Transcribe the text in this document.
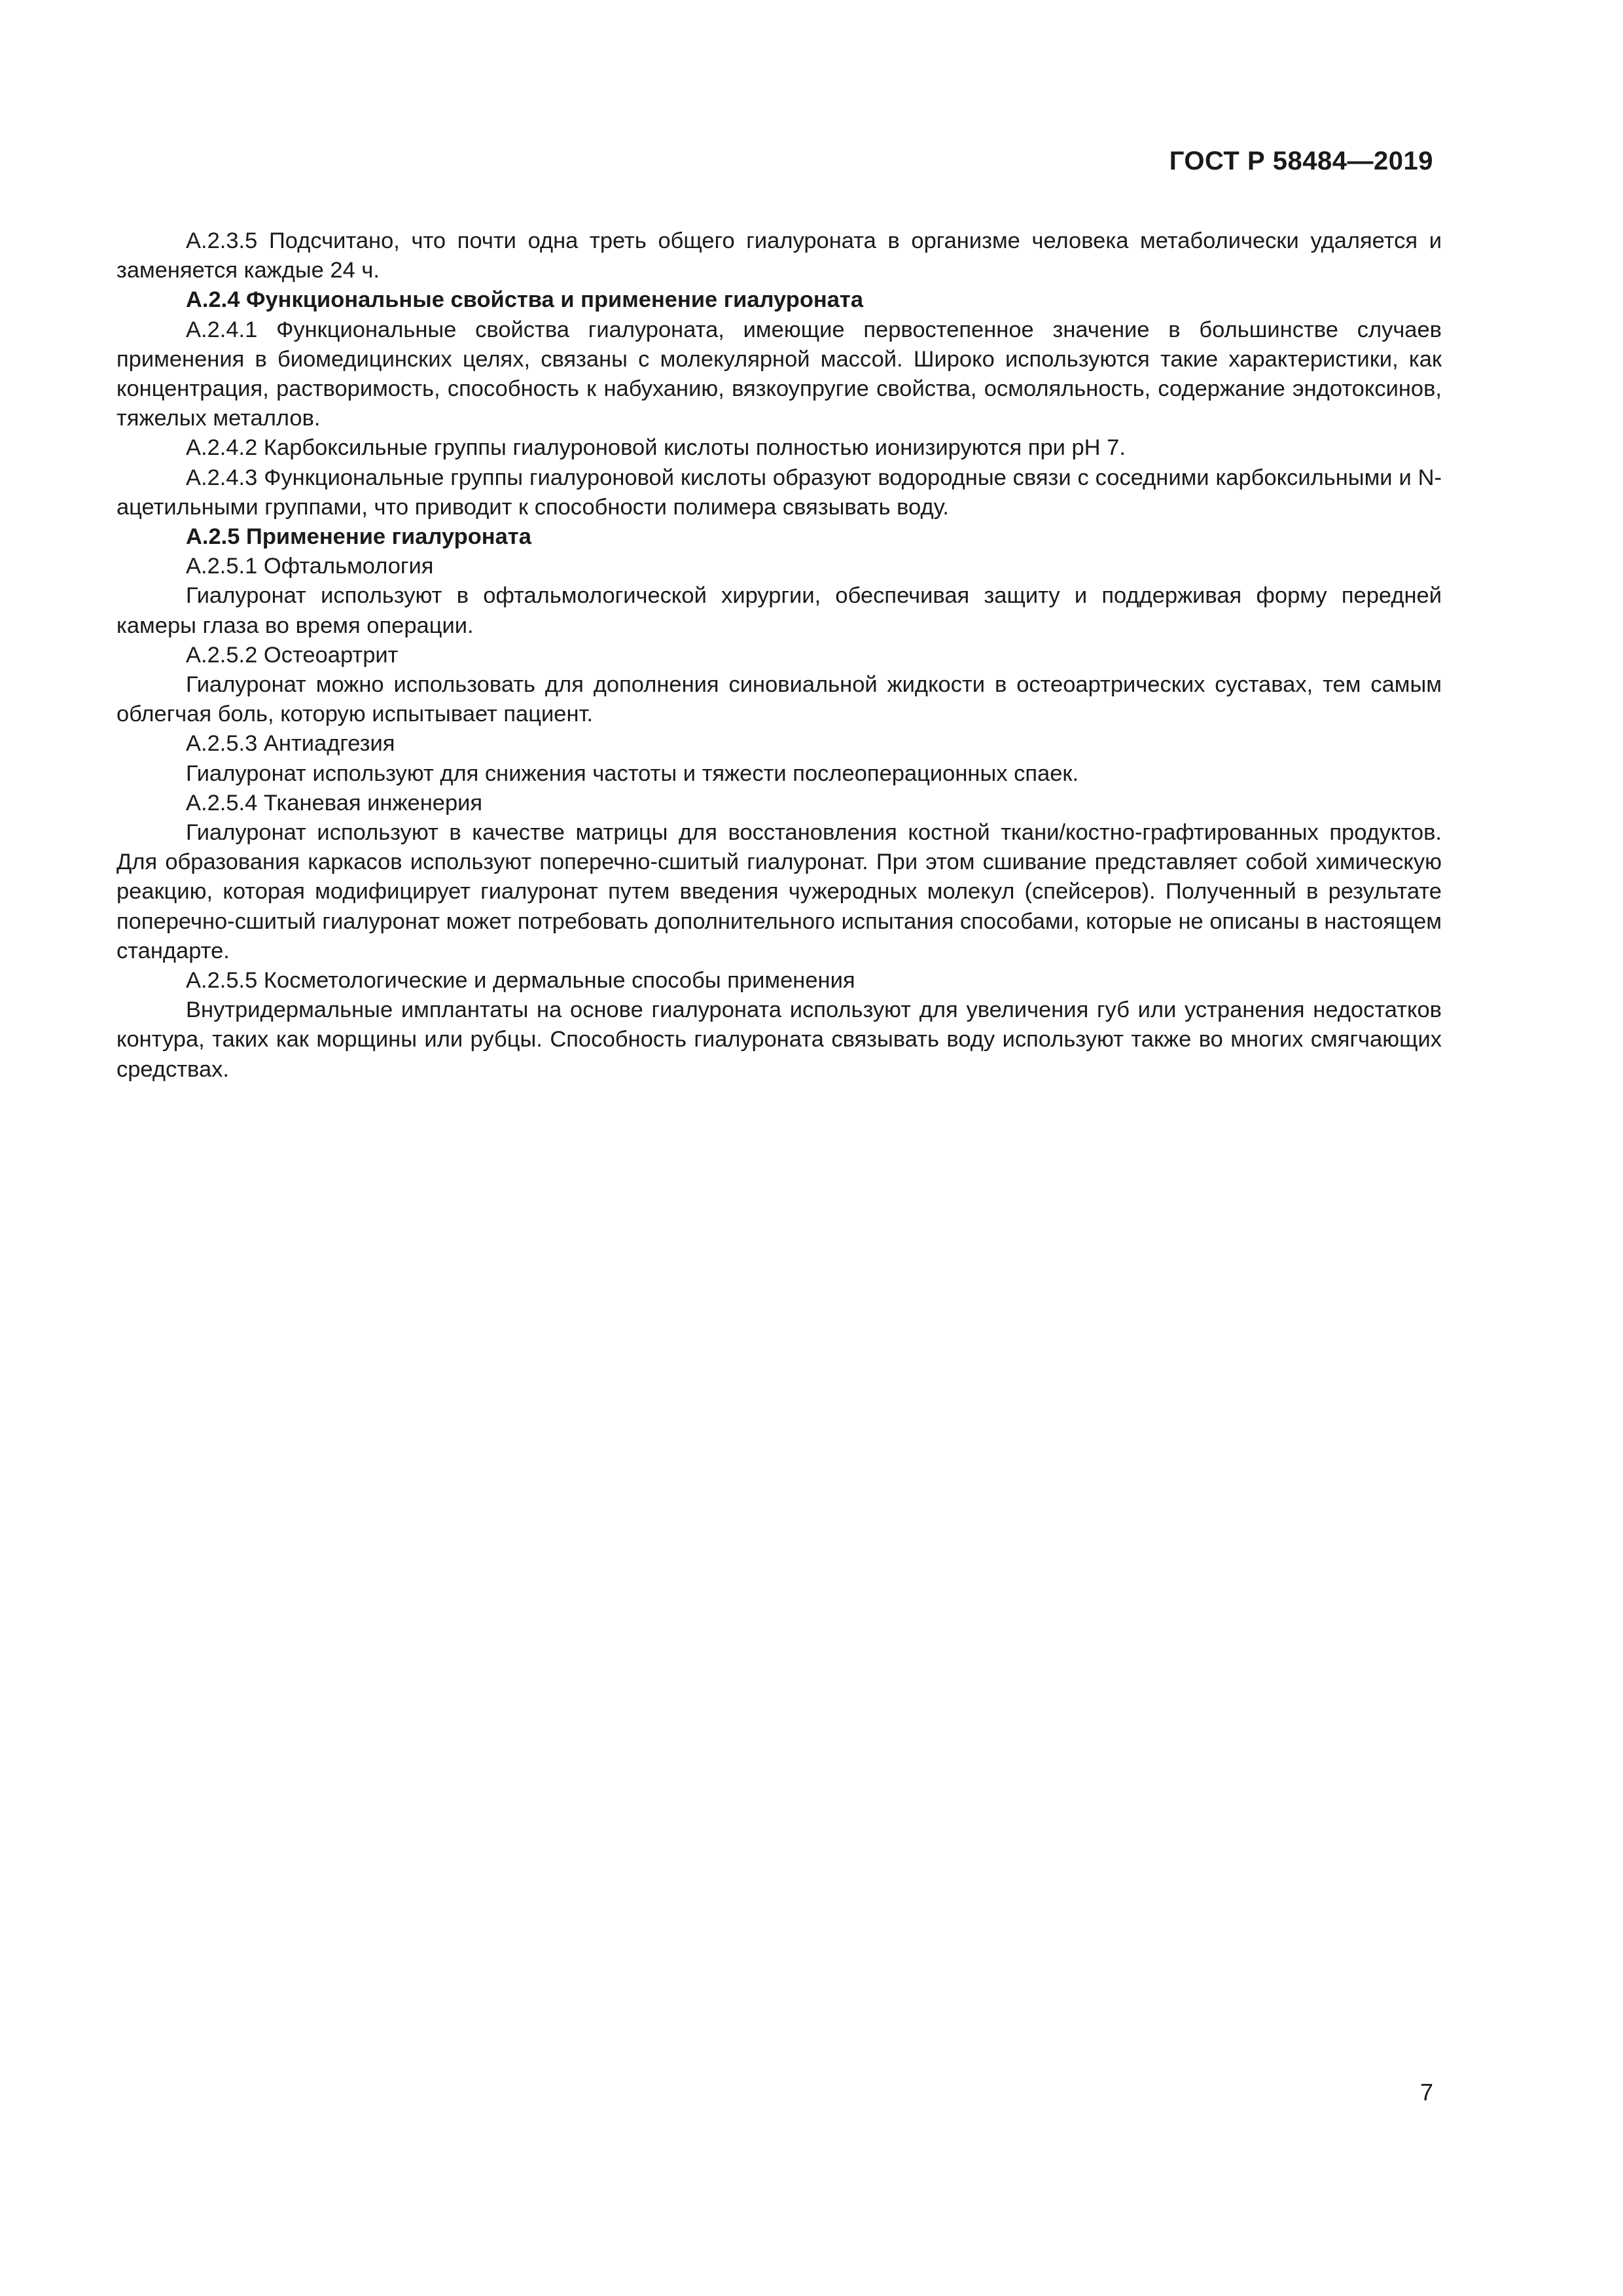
ГОСТ Р 58484—2019

А.2.3.5 Подсчитано, что почти одна треть общего гиалуроната в организме человека метаболически удаляется и заменяется каждые 24 ч.

А.2.4 Функциональные свойства и применение гиалуроната

А.2.4.1 Функциональные свойства гиалуроната, имеющие первостепенное значение в большинстве случаев применения в биомедицинских целях, связаны с молекулярной массой. Широко используются такие характеристики, как концентрация, растворимость, способность к набуханию, вязкоупругие свойства, осмоляльность, содержание эндотоксинов, тяжелых металлов.

А.2.4.2 Карбоксильные группы гиалуроновой кислоты полностью ионизируются при pH 7.

А.2.4.3 Функциональные группы гиалуроновой кислоты образуют водородные связи с соседними карбоксильными и N-ацетильными группами, что приводит к способности полимера связывать воду.

А.2.5 Применение гиалуроната

А.2.5.1 Офтальмология

Гиалуронат используют в офтальмологической хирургии, обеспечивая защиту и поддерживая форму передней камеры глаза во время операции.

А.2.5.2 Остеоартрит

Гиалуронат можно использовать для дополнения синовиальной жидкости в остеоартрических суставах, тем самым облегчая боль, которую испытывает пациент.

А.2.5.3 Антиадгезия

Гиалуронат используют для снижения частоты и тяжести послеоперационных спаек.

А.2.5.4 Тканевая инженерия

Гиалуронат используют в качестве матрицы для восстановления костной ткани/костно-графтированных продуктов. Для образования каркасов используют поперечно-сшитый гиалуронат. При этом сшивание представляет собой химическую реакцию, которая модифицирует гиалуронат путем введения чужеродных молекул (спейсеров). Полученный в результате поперечно-сшитый гиалуронат может потребовать дополнительного испытания способами, которые не описаны в настоящем стандарте.

А.2.5.5 Косметологические и дермальные способы применения

Внутридермальные имплантаты на основе гиалуроната используют для увеличения губ или устранения недостатков контура, таких как морщины или рубцы. Способность гиалуроната связывать воду используют также во многих смягчающих средствах.

7
